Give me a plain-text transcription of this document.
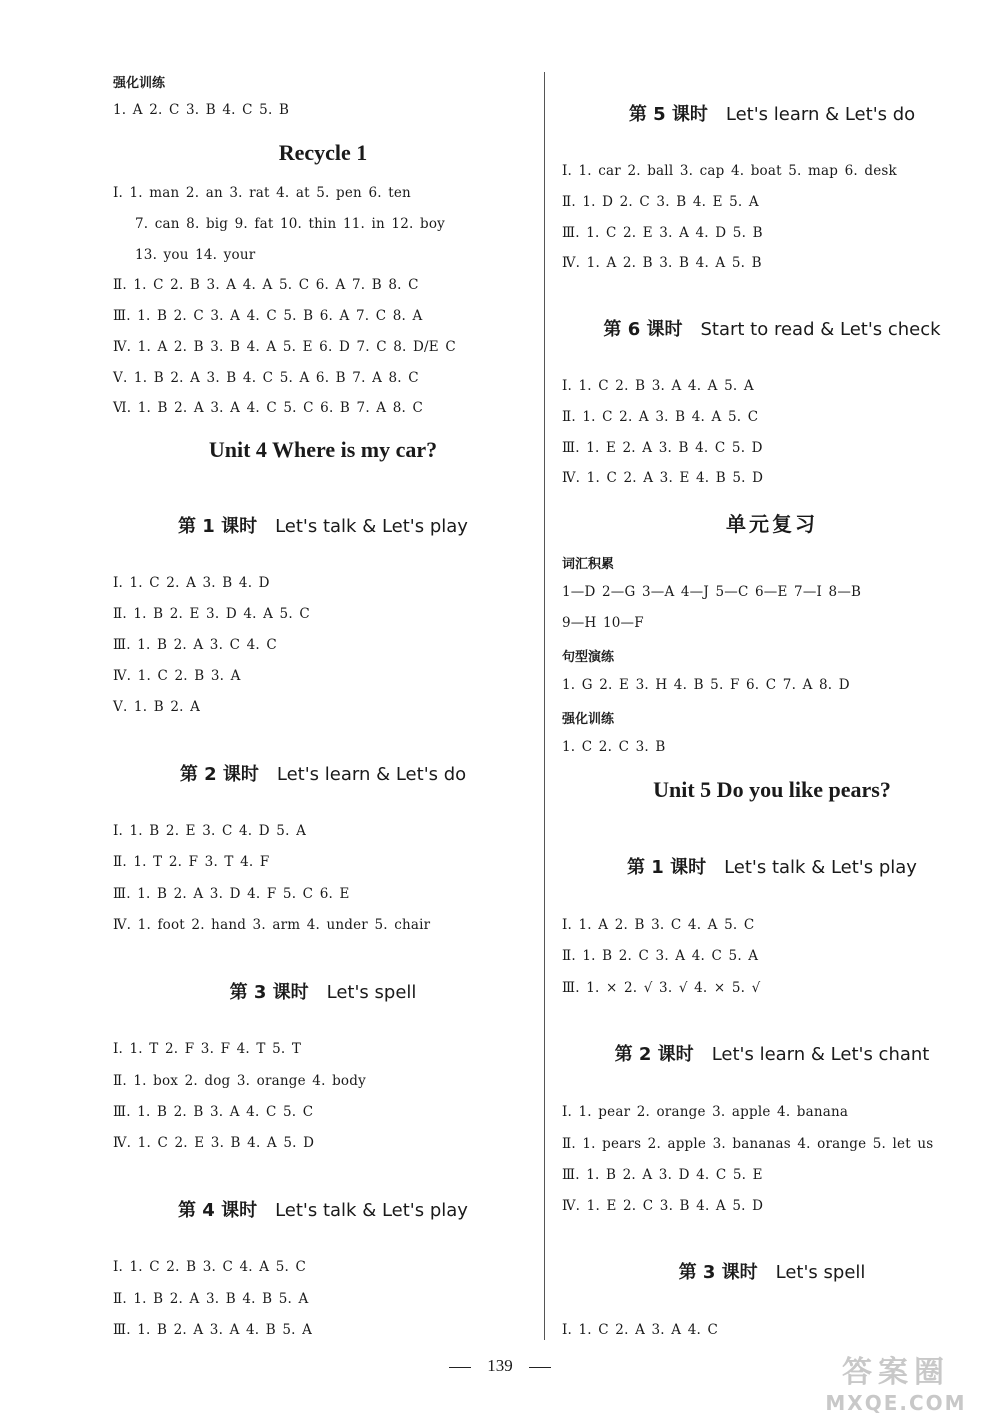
强化训练
1. A 2. C 3. B 4. C 5. B
Recycle 1
Ⅰ. 1. man 2. an 3. rat 4. at 5. pen 6. ten
7. can 8. big 9. fat 10. thin 11. in 12. boy
13. you 14. your
Ⅱ. 1. C 2. B 3. A 4. A 5. C 6. A 7. B 8. C
Ⅲ. 1. B 2. C 3. A 4. C 5. B 6. A 7. C 8. A
Ⅳ. 1. A 2. B 3. B 4. A 5. E 6. D 7. C 8. D/E C
Ⅴ. 1. B 2. A 3. B 4. C 5. A 6. B 7. A 8. C
Ⅵ. 1. B 2. A 3. A 4. C 5. C 6. B 7. A 8. C
Unit 4 Where is my car?
第 1 课时 Let's talk & Let's play
Ⅰ. 1. C 2. A 3. B 4. D
Ⅱ. 1. B 2. E 3. D 4. A 5. C
Ⅲ. 1. B 2. A 3. C 4. C
Ⅳ. 1. C 2. B 3. A
Ⅴ. 1. B 2. A
第 2 课时 Let's learn & Let's do
Ⅰ. 1. B 2. E 3. C 4. D 5. A
Ⅱ. 1. T 2. F 3. T 4. F
Ⅲ. 1. B 2. A 3. D 4. F 5. C 6. E
Ⅳ. 1. foot 2. hand 3. arm 4. under 5. chair
第 3 课时 Let's spell
Ⅰ. 1. T 2. F 3. F 4. T 5. T
Ⅱ. 1. box 2. dog 3. orange 4. body
Ⅲ. 1. B 2. B 3. A 4. C 5. C
Ⅳ. 1. C 2. E 3. B 4. A 5. D
第 4 课时 Let's talk & Let's play
Ⅰ. 1. C 2. B 3. C 4. A 5. C
Ⅱ. 1. B 2. A 3. B 4. B 5. A
Ⅲ. 1. B 2. A 3. A 4. B 5. A
第 5 课时 Let's learn & Let's do
Ⅰ. 1. car 2. ball 3. cap 4. boat 5. map 6. desk
Ⅱ. 1. D 2. C 3. B 4. E 5. A
Ⅲ. 1. C 2. E 3. A 4. D 5. B
Ⅳ. 1. A 2. B 3. B 4. A 5. B
第 6 课时 Start to read & Let's check
Ⅰ. 1. C 2. B 3. A 4. A 5. A
Ⅱ. 1. C 2. A 3. B 4. A 5. C
Ⅲ. 1. E 2. A 3. B 4. C 5. D
Ⅳ. 1. C 2. A 3. E 4. B 5. D
单元复习
词汇积累
1—D 2—G 3—A 4—J 5—C 6—E 7—I 8—B
9—H 10—F
句型演练
1. G 2. E 3. H 4. B 5. F 6. C 7. A 8. D
强化训练
1. C 2. C 3. B
Unit 5 Do you like pears?
第 1 课时 Let's talk & Let's play
Ⅰ. 1. A 2. B 3. C 4. A 5. C
Ⅱ. 1. B 2. C 3. A 4. C 5. A
Ⅲ. 1. × 2. √ 3. √ 4. × 5. √
第 2 课时 Let's learn & Let's chant
Ⅰ. 1. pear 2. orange 3. apple 4. banana
Ⅱ. 1. pears 2. apple 3. bananas 4. orange 5. let us
Ⅲ. 1. B 2. A 3. D 4. C 5. E
Ⅳ. 1. E 2. C 3. B 4. A 5. D
第 3 课时 Let's spell
Ⅰ. 1. C 2. A 3. A 4. C
139	答案圈
MXQE.COM
